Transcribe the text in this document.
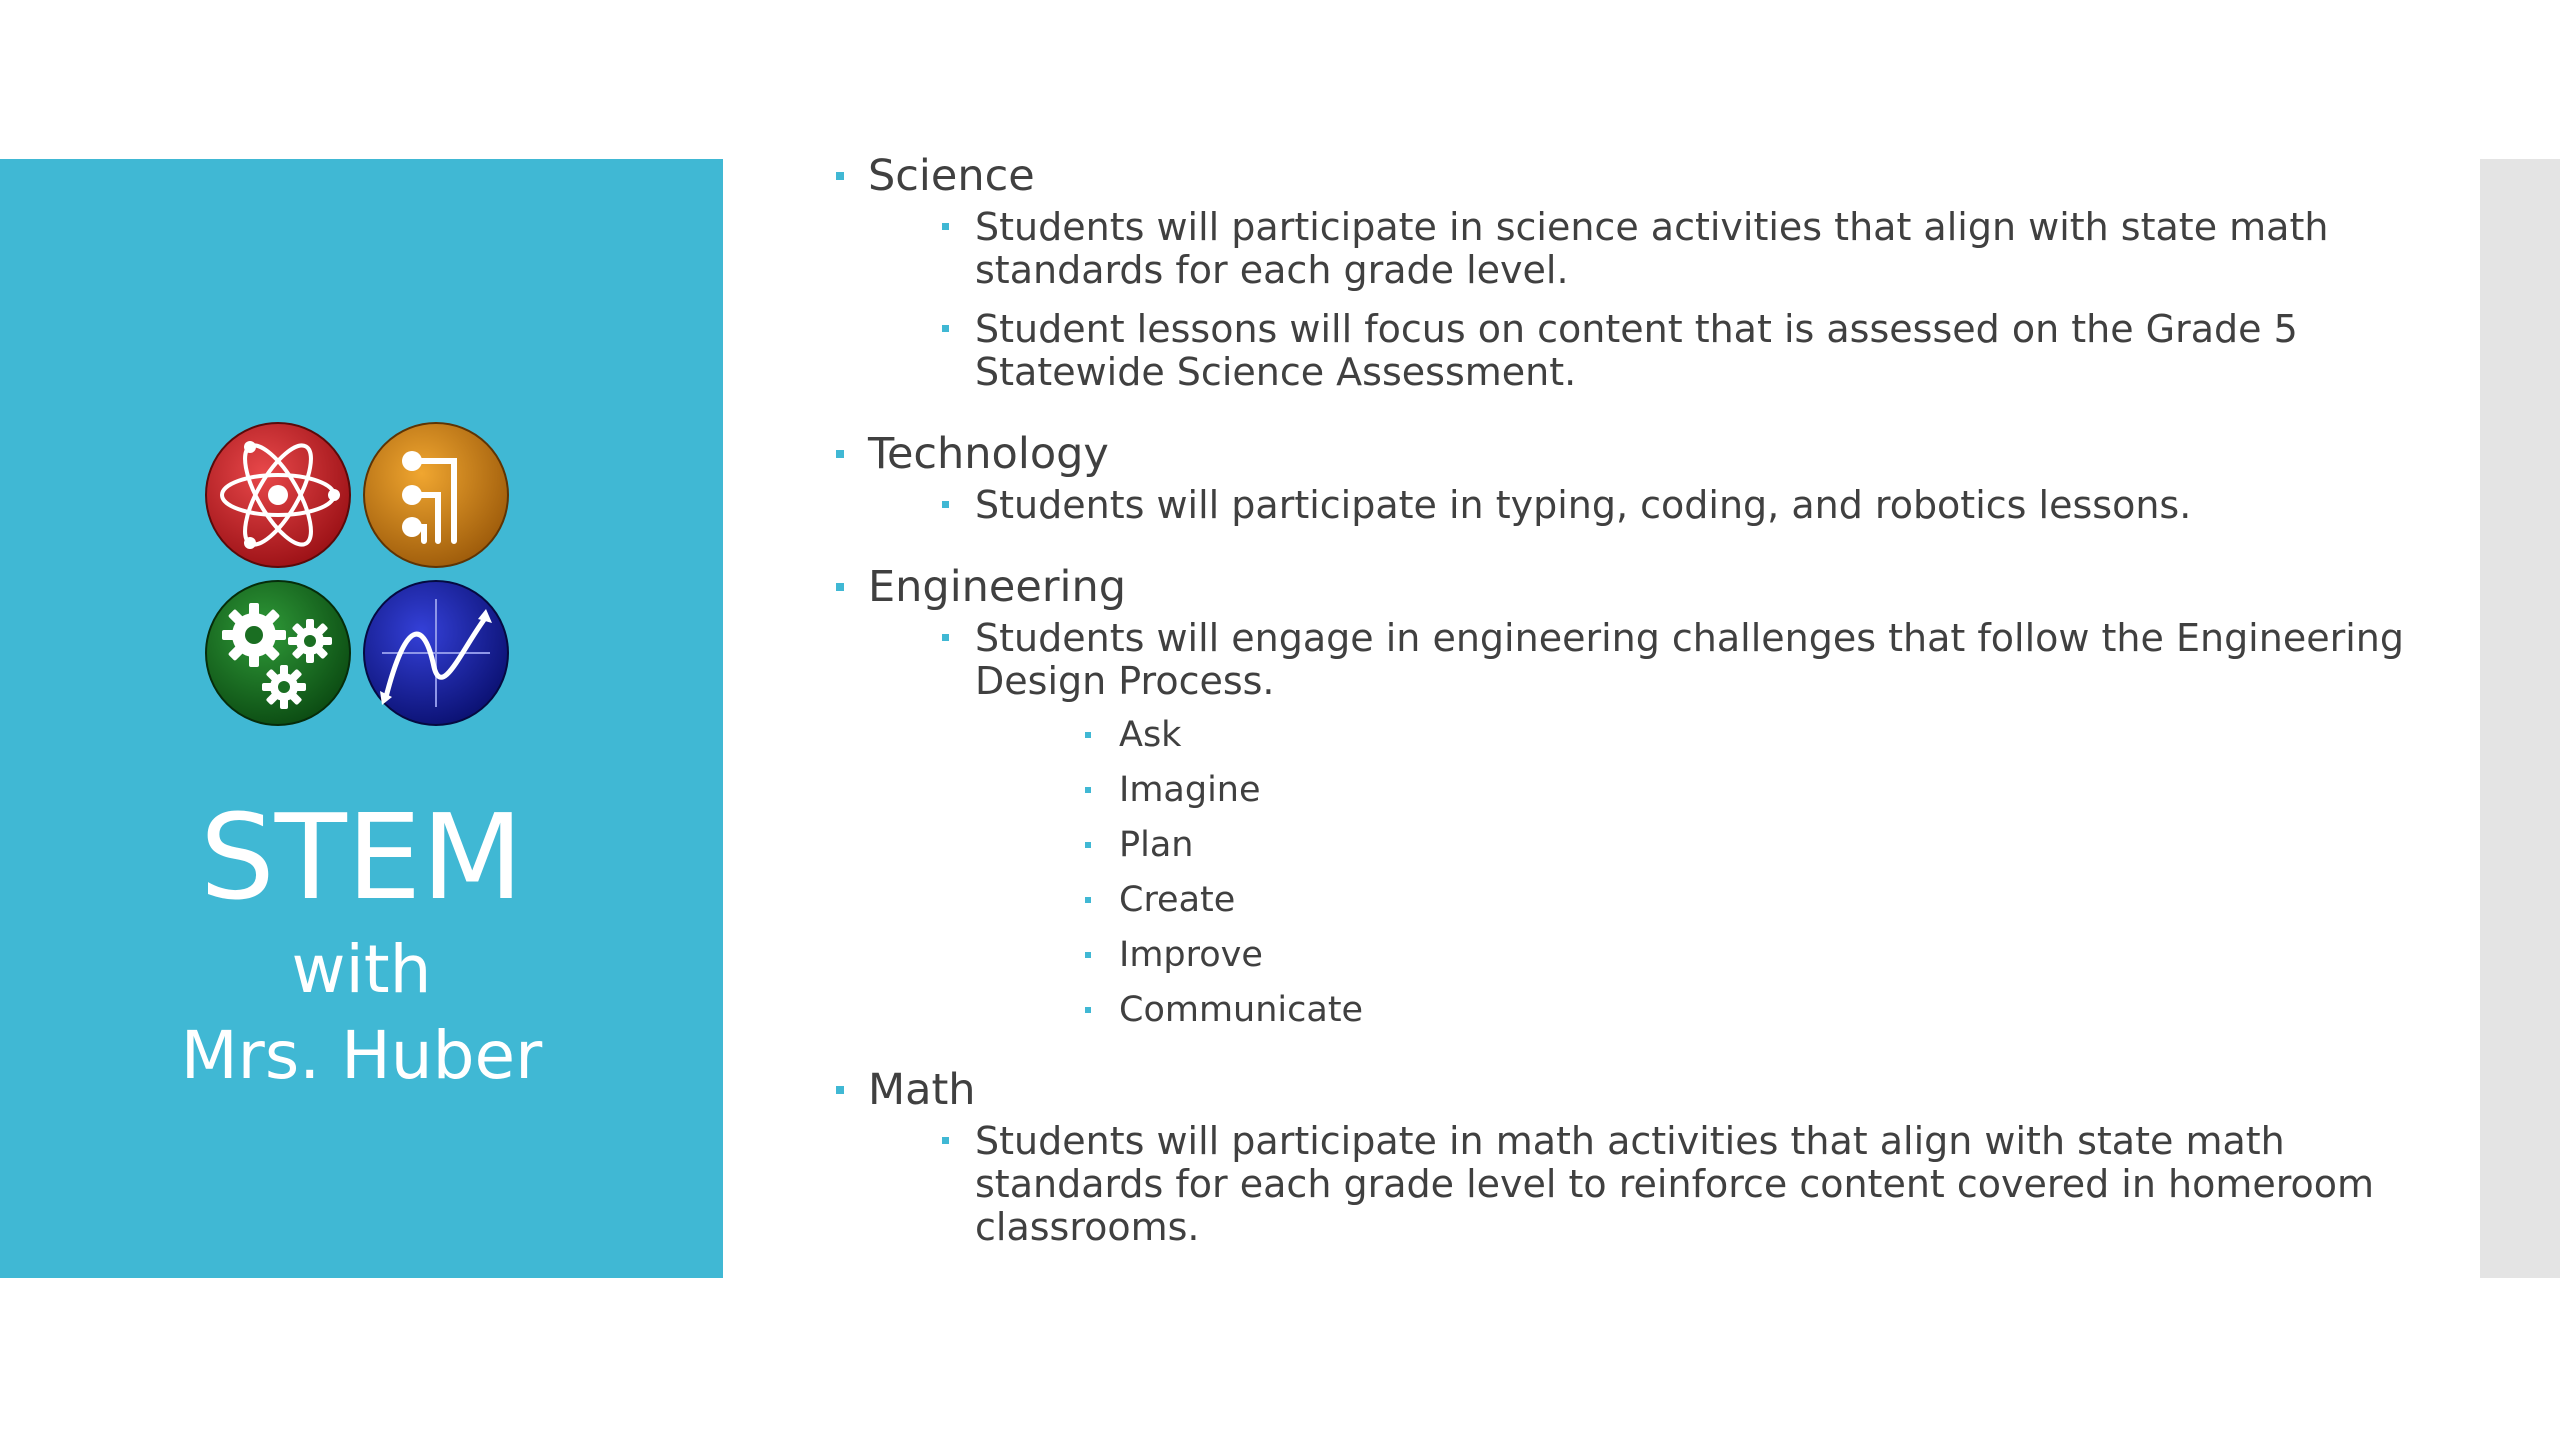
STEM
with
Mrs. Huber
Science
Students will participate in science activities that align with state math standards for each grade level.
Student lessons will focus on content that is assessed on the Grade 5 Statewide Science Assessment.
Technology
Students will participate in typing, coding, and robotics lessons.
Engineering
Students will engage in engineering challenges that follow the Engineering Design Process.
Ask
Imagine
Plan
Create
Improve
Communicate
Math
Students will participate in math activities that align with state math standards for each grade level to reinforce content covered in homeroom classrooms.
